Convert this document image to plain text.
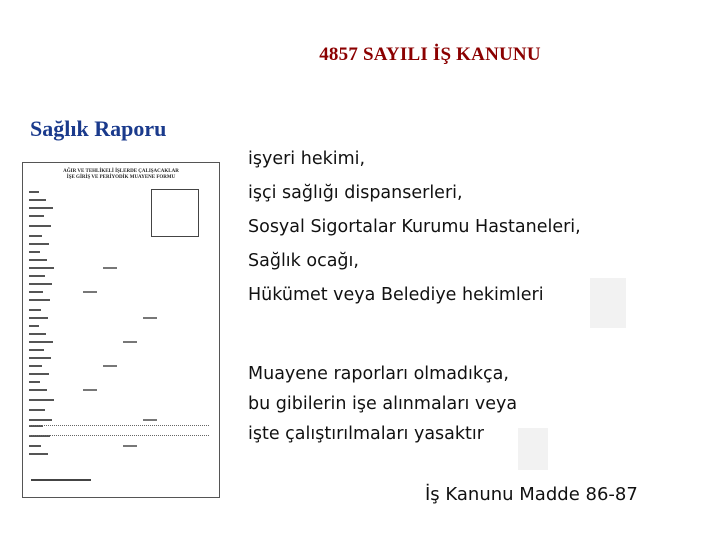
4857 SAYILI İŞ KANUNU
Sağlık Raporu
AĞIR VE TEHLİKELİ İŞLERDE ÇALIŞACAKLAR
İŞE GİRİŞ VE PERİYODİK MUAYENE FORMU
işyeri hekimi,
işçi sağlığı dispanserleri,
Sosyal Sigortalar Kurumu Hastaneleri,
Sağlık ocağı,
Hükümet veya Belediye hekimleri
Muayene raporları olmadıkça,
bu gibilerin işe alınmaları veya
işte çalıştırılmaları yasaktır
İş Kanunu Madde 86-87
